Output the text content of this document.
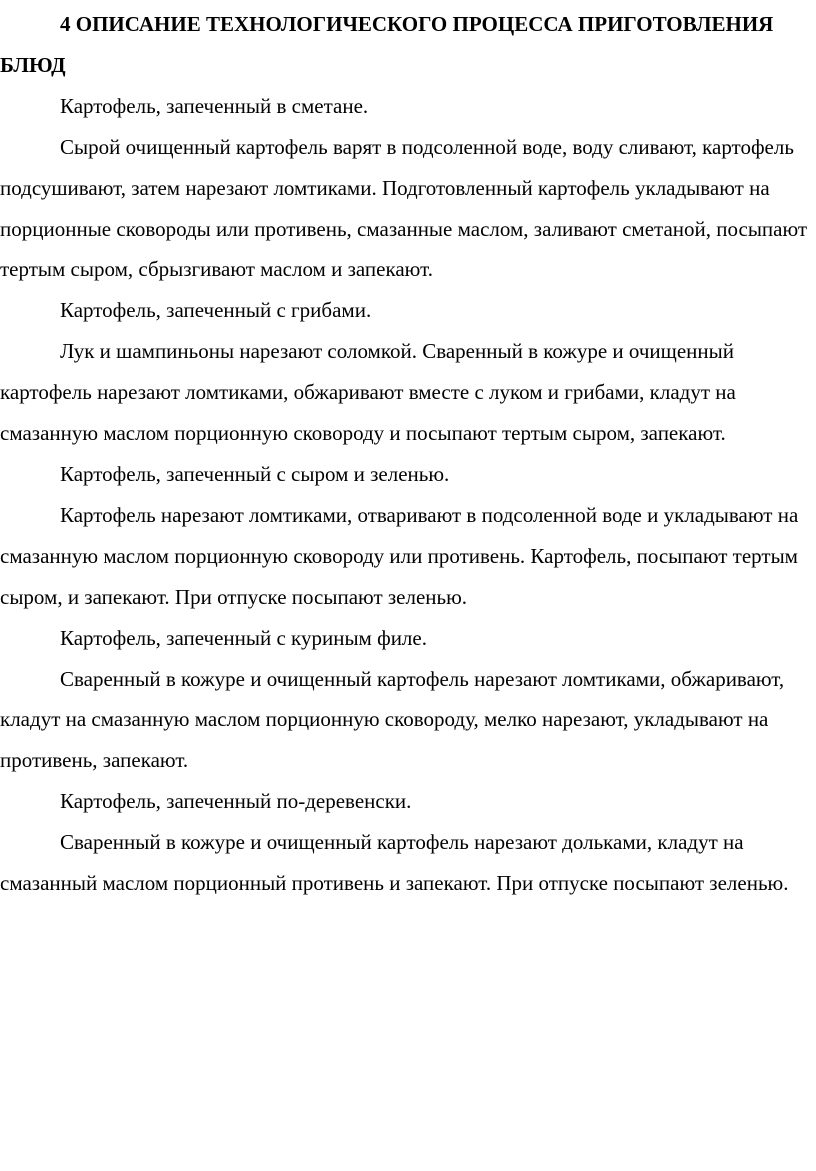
4 ОПИСАНИЕ ТЕХНОЛОГИЧЕСКОГО ПРОЦЕССА ПРИГОТОВЛЕНИЯ БЛЮД

Картофель, запеченный в сметане.

Сырой очищенный картофель варят в подсоленной воде, воду сливают, картофель подсушивают, затем нарезают ломтиками. Подготовленный картофель укладывают на порционные сковороды или противень, смазанные маслом, заливают сметаной, посыпают тертым сыром, сбрызгивают маслом и запекают.

Картофель, запеченный с грибами.

Лук и шампиньоны нарезают соломкой. Сваренный в кожуре и очищенный картофель нарезают ломтиками, обжаривают вместе с луком и грибами, кладут на смазанную маслом порционную сковороду и посыпают тертым сыром, запекают.

Картофель, запеченный с сыром и зеленью.

Картофель нарезают ломтиками, отваривают в подсоленной воде и укладывают на смазанную маслом порционную сковороду или противень. Картофель, посыпают тертым сыром, и запекают. При отпуске посыпают зеленью.

Картофель, запеченный с куриным филе.

Сваренный в кожуре и очищенный картофель нарезают ломтиками, обжаривают, кладут на смазанную маслом порционную сковороду, мелко нарезают, укладывают на противень, запекают.

Картофель, запеченный по-деревенски.

Сваренный в кожуре и очищенный картофель нарезают дольками, кладут на смазанный маслом порционный противень и запекают. При отпуске посыпают зеленью.
